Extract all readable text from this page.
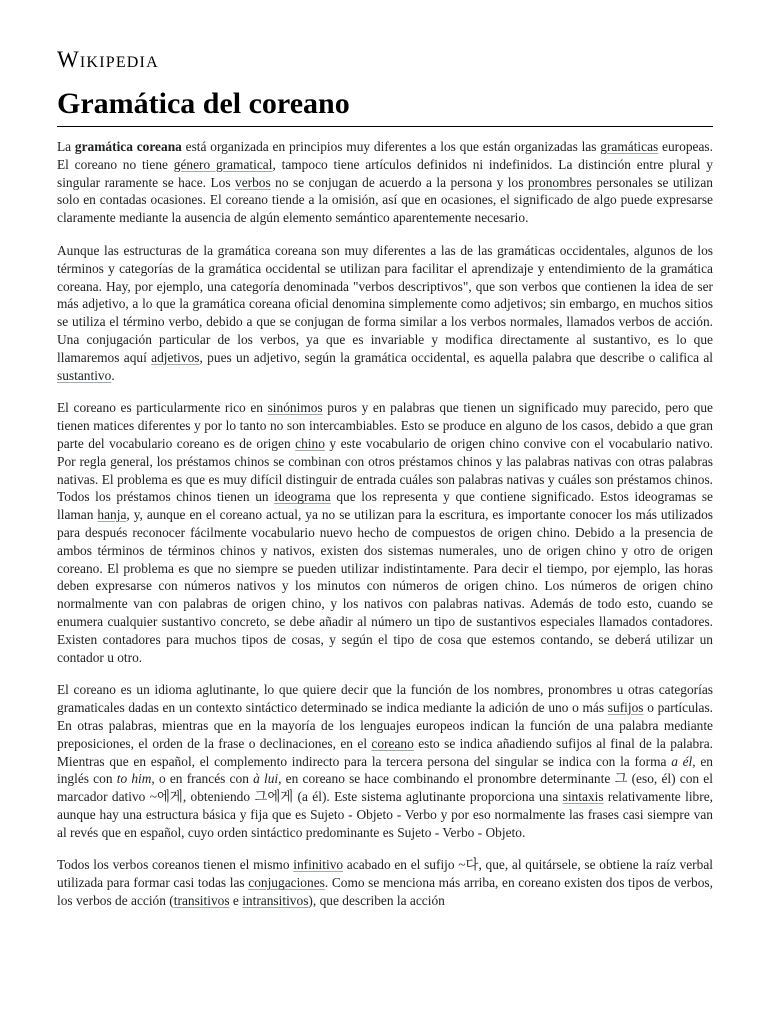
Wikipedia
Gramática del coreano

La gramática coreana está organizada en principios muy diferentes a los que están organizadas las gramáticas europeas. El coreano no tiene género gramatical, tampoco tiene artículos definidos ni indefinidos. La distinción entre plural y singular raramente se hace. Los verbos no se conjugan de acuerdo a la persona y los pronombres personales se utilizan solo en contadas ocasiones. El coreano tiende a la omisión, así que en ocasiones, el significado de algo puede expresarse claramente mediante la ausencia de algún elemento semántico aparentemente necesario.

Aunque las estructuras de la gramática coreana son muy diferentes a las de las gramáticas occidentales, algunos de los términos y categorías de la gramática occidental se utilizan para facilitar el aprendizaje y entendimiento de la gramática coreana. Hay, por ejemplo, una categoría denominada "verbos descriptivos", que son verbos que contienen la idea de ser más adjetivo, a lo que la gramática coreana oficial denomina simplemente como adjetivos; sin embargo, en muchos sitios se utiliza el término verbo, debido a que se conjugan de forma similar a los verbos normales, llamados verbos de acción. Una conjugación particular de los verbos, ya que es invariable y modifica directamente al sustantivo, es lo que llamaremos aquí adjetivos, pues un adjetivo, según la gramática occidental, es aquella palabra que describe o califica al sustantivo.

El coreano es particularmente rico en sinónimos puros y en palabras que tienen un significado muy parecido, pero que tienen matices diferentes y por lo tanto no son intercambiables. Esto se produce en alguno de los casos, debido a que gran parte del vocabulario coreano es de origen chino y este vocabulario de origen chino convive con el vocabulario nativo. Por regla general, los préstamos chinos se combinan con otros préstamos chinos y las palabras nativas con otras palabras nativas. El problema es que es muy difícil distinguir de entrada cuáles son palabras nativas y cuáles son préstamos chinos. Todos los préstamos chinos tienen un ideograma que los representa y que contiene significado. Estos ideogramas se llaman hanja, y, aunque en el coreano actual, ya no se utilizan para la escritura, es importante conocer los más utilizados para después reconocer fácilmente vocabulario nuevo hecho de compuestos de origen chino. Debido a la presencia de ambos términos de términos chinos y nativos, existen dos sistemas numerales, uno de origen chino y otro de origen coreano. El problema es que no siempre se pueden utilizar indistintamente. Para decir el tiempo, por ejemplo, las horas deben expresarse con números nativos y los minutos con números de origen chino. Los números de origen chino normalmente van con palabras de origen chino, y los nativos con palabras nativas. Además de todo esto, cuando se enumera cualquier sustantivo concreto, se debe añadir al número un tipo de sustantivos especiales llamados contadores. Existen contadores para muchos tipos de cosas, y según el tipo de cosa que estemos contando, se deberá utilizar un contador u otro.

El coreano es un idioma aglutinante, lo que quiere decir que la función de los nombres, pronombres u otras categorías gramaticales dadas en un contexto sintáctico determinado se indica mediante la adición de uno o más sufijos o partículas. En otras palabras, mientras que en la mayoría de los lenguajes europeos indican la función de una palabra mediante preposiciones, el orden de la frase o declinaciones, en el coreano esto se indica añadiendo sufijos al final de la palabra. Mientras que en español, el complemento indirecto para la tercera persona del singular se indica con la forma a él, en inglés con to him, o en francés con à lui, en coreano se hace combinando el pronombre determinante 그 (eso, él) con el marcador dativo ~에게, obteniendo 그에게 (a él). Este sistema aglutinante proporciona una sintaxis relativamente libre, aunque hay una estructura básica y fija que es Sujeto - Objeto - Verbo y por eso normalmente las frases casi siempre van al revés que en español, cuyo orden sintáctico predominante es Sujeto - Verbo - Objeto.

Todos los verbos coreanos tienen el mismo infinitivo acabado en el sufijo ~다, que, al quitársele, se obtiene la raíz verbal utilizada para formar casi todas las conjugaciones. Como se menciona más arriba, en coreano existen dos tipos de verbos, los verbos de acción (transitivos e intransitivos), que describen la acción
